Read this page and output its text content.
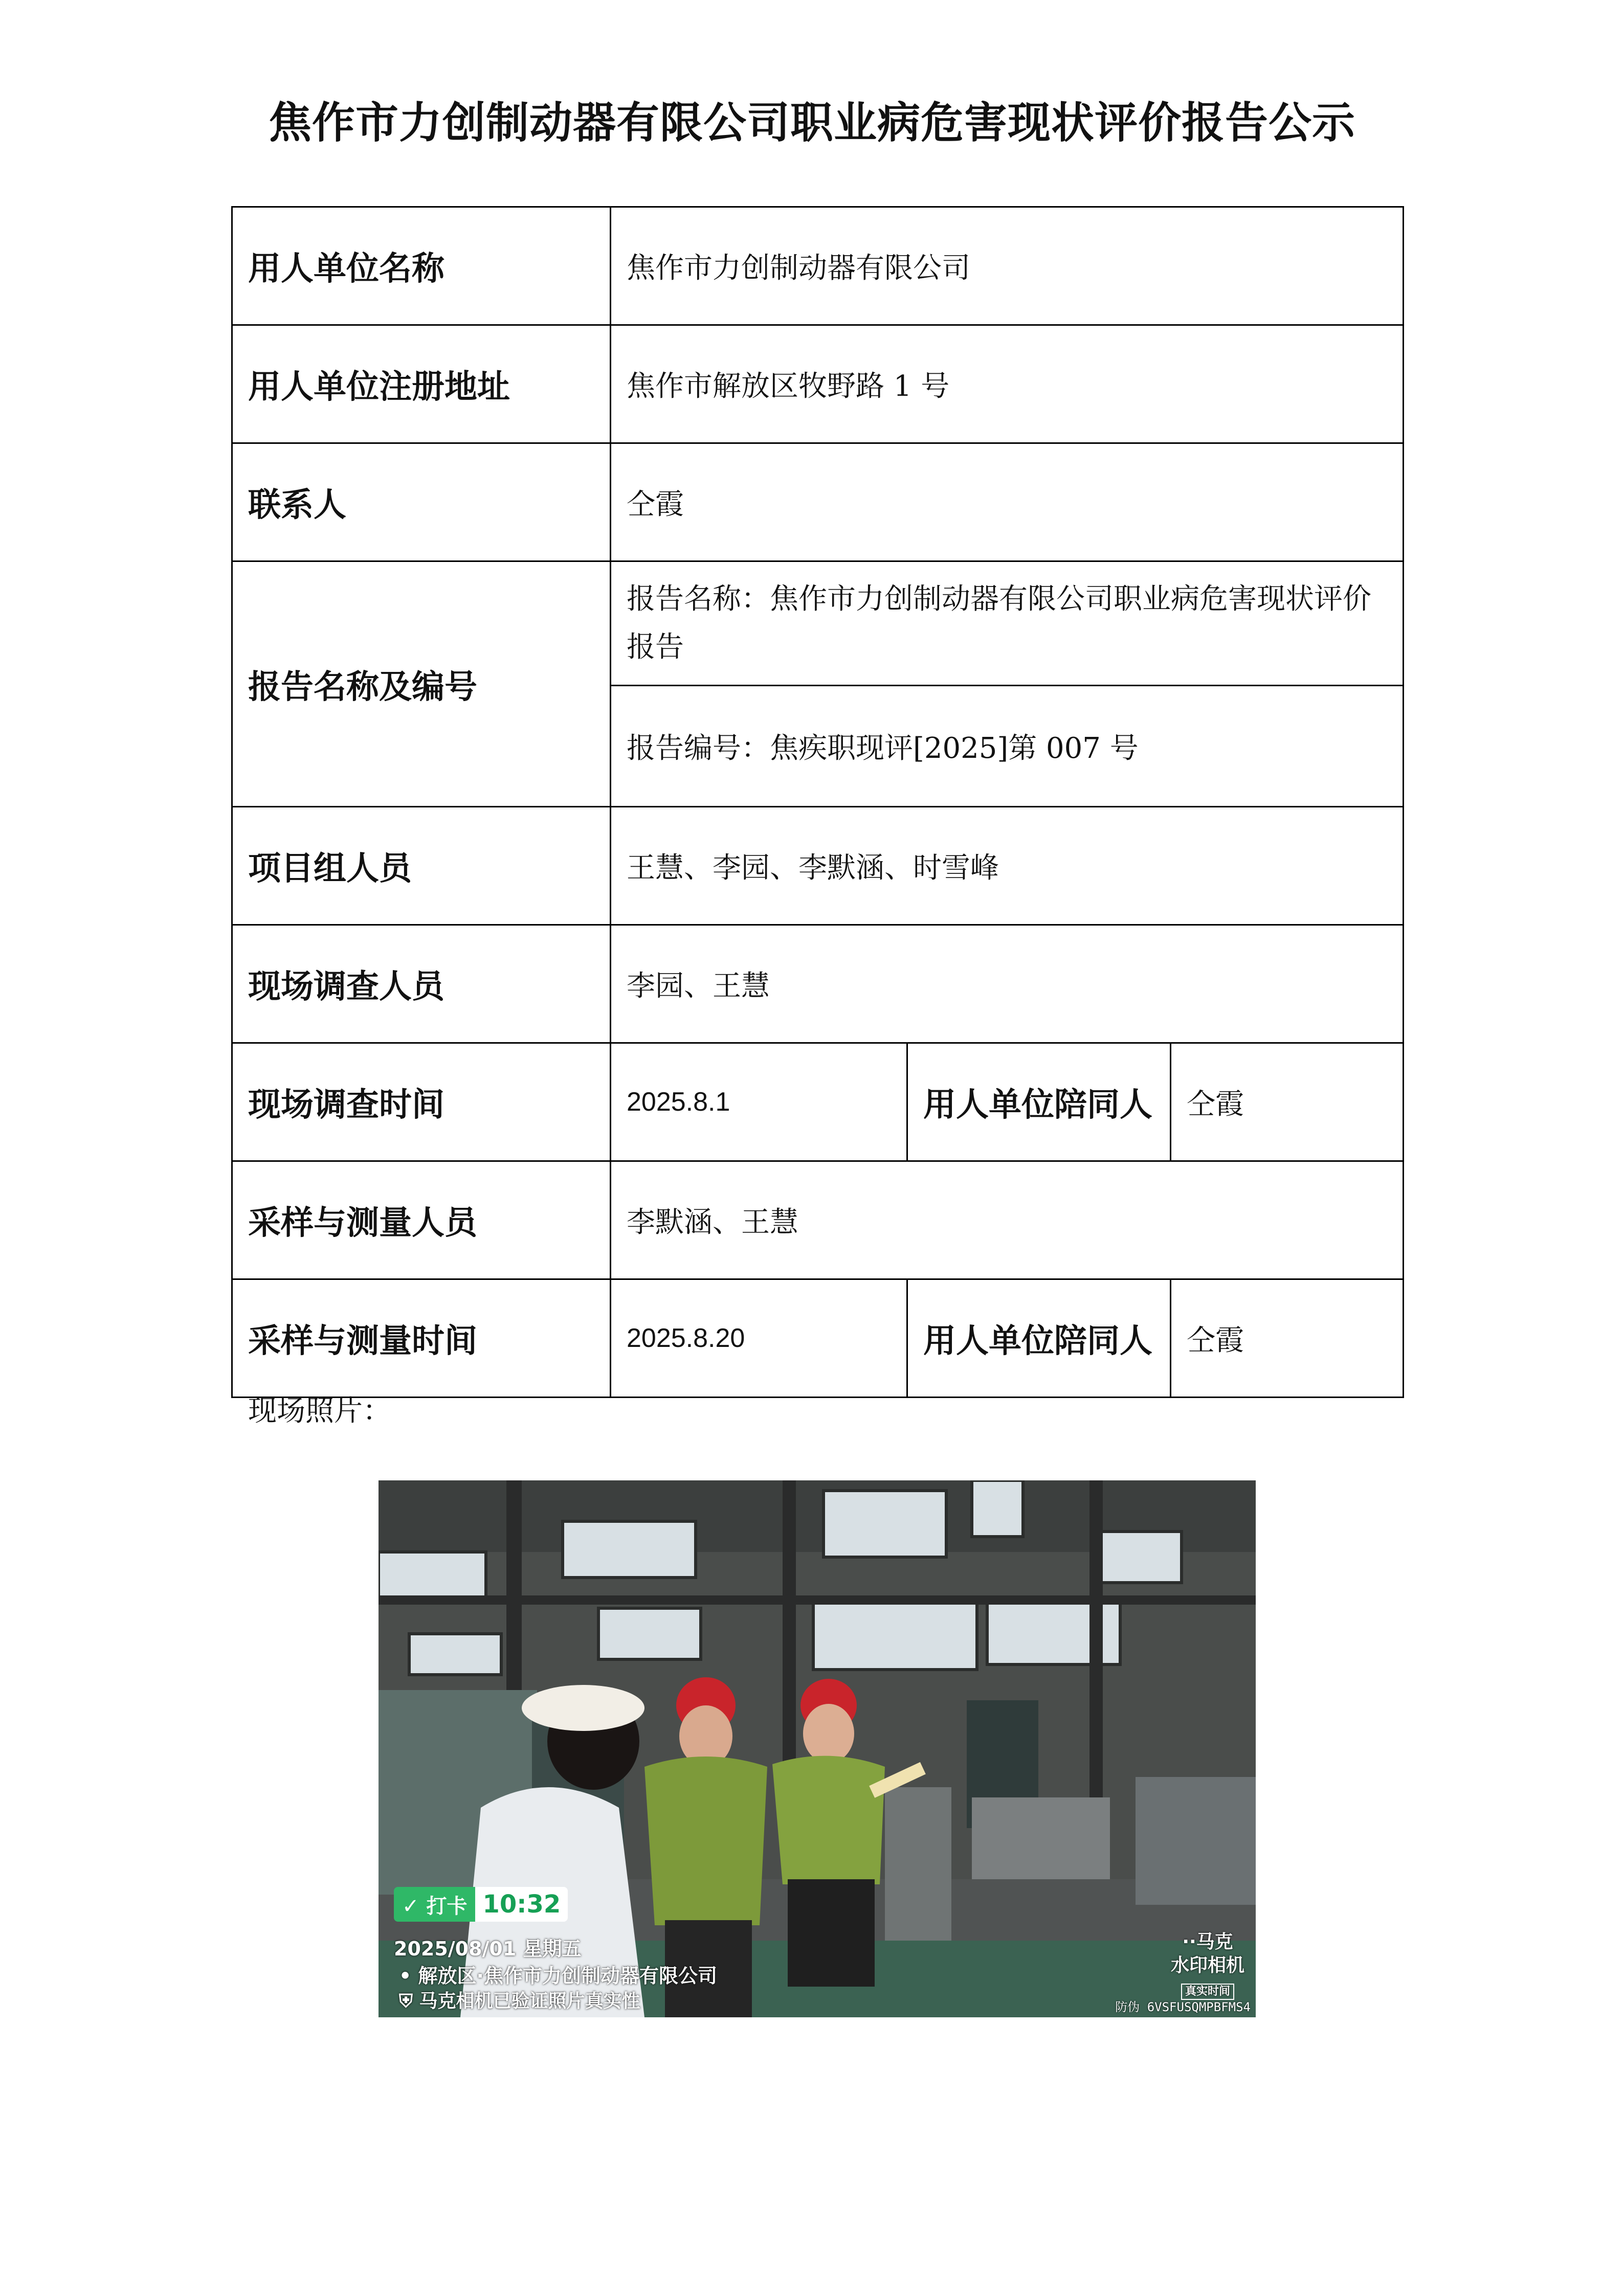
焦作市力创制动器有限公司职业病危害现状评价报告公示
用人单位名称	焦作市力创制动器有限公司		
用人单位注册地址	焦作市解放区牧野路 1 号		
联系人	仝霞		
报告名称及编号	报告名称：焦作市力创制动器有限公司职业病危害现状评价报告		
	报告编号：焦疾职现评[2025]第 007 号		
项目组人员	王慧、李园、李默涵、时雪峰		
现场调查人员	李园、王慧		
现场调查时间	2025.8.1	用人单位陪同人	仝霞
采样与测量人员	李默涵、王慧		
采样与测量时间	2025.8.20	用人单位陪同人	仝霞
现场照片：
✓ 打卡 10:32
2025/08/01 星期五
• 解放区·焦作市力创制动器有限公司
⛨ 马克相机已验证照片真实性
··马克
水印相机
真实时间
防伪 6VSFUSQMPBFMS4
